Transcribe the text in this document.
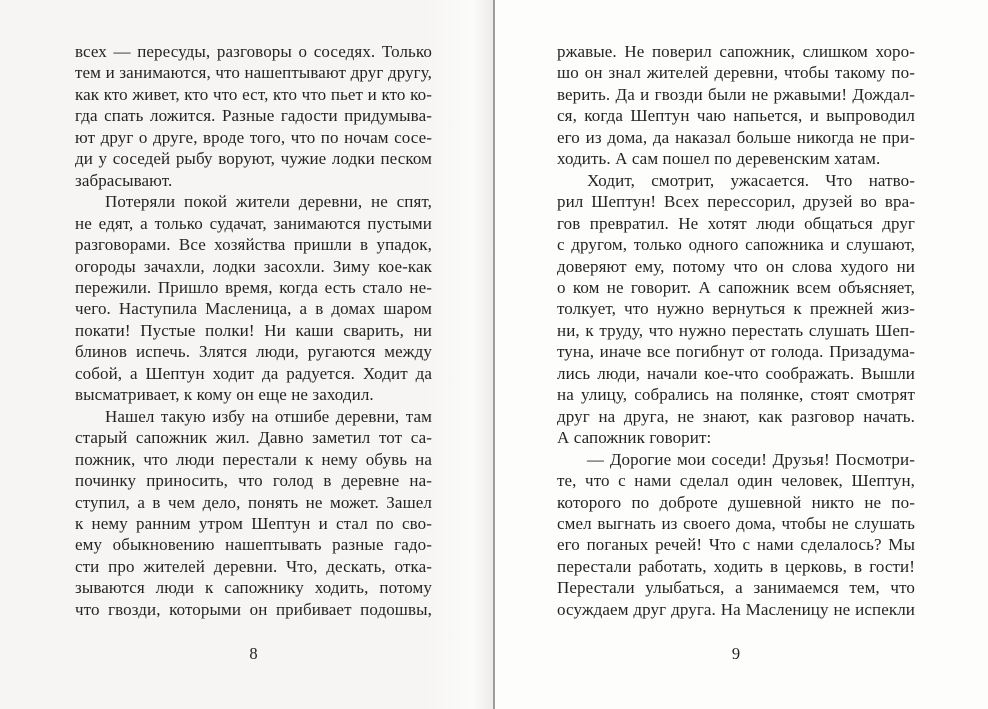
всех — пересуды, разговоры о соседях. Только
тем и занимаются, что нашептывают друг другу,
как кто живет, кто что ест, кто что пьет и кто ко-
гда спать ложится. Разные гадости придумыва-
ют друг о друге, вроде того, что по ночам сосе-
ди у соседей рыбу воруют, чужие лодки песком
забрасывают.
Потеряли покой жители деревни, не спят,
не едят, а только судачат, занимаются пустыми
разговорами. Все хозяйства пришли в упадок,
огороды зачахли, лодки засохли. Зиму кое-как
пережили. Пришло время, когда есть стало не-
чего. Наступила Масленица, а в домах шаром
покати! Пустые полки! Ни каши сварить, ни
блинов испечь. Злятся люди, ругаются между
собой, а Шептун ходит да радуется. Ходит да
высматривает, к кому он еще не заходил.
Нашел такую избу на отшибе деревни, там
старый сапожник жил. Давно заметил тот са-
пожник, что люди перестали к нему обувь на
починку приносить, что голод в деревне на-
ступил, а в чем дело, понять не может. Зашел
к нему ранним утром Шептун и стал по сво-
ему обыкновению нашептывать разные гадо-
сти про жителей деревни. Что, дескать, отка-
зываются люди к сапожнику ходить, потому
что гвозди, которыми он прибивает подошвы,
8
ржавые. Не поверил сапожник, слишком хоро-
шо он знал жителей деревни, чтобы такому по-
верить. Да и гвозди были не ржавыми! Дождал-
ся, когда Шептун чаю напьется, и выпроводил
его из дома, да наказал больше никогда не при-
ходить. А сам пошел по деревенским хатам.
Ходит, смотрит, ужасается. Что натво-
рил Шептун! Всех перессорил, друзей во вра-
гов превратил. Не хотят люди общаться друг
с другом, только одного сапожника и слушают,
доверяют ему, потому что он слова худого ни
о ком не говорит. А сапожник всем объясняет,
толкует, что нужно вернуться к прежней жиз-
ни, к труду, что нужно перестать слушать Шеп-
туна, иначе все погибнут от голода. Призадума-
лись люди, начали кое-что соображать. Вышли
на улицу, собрались на полянке, стоят смотрят
друг на друга, не знают, как разговор начать.
А сапожник говорит:
— Дорогие мои соседи! Друзья! Посмотри-
те, что с нами сделал один человек, Шептун,
которого по доброте душевной никто не по-
смел выгнать из своего дома, чтобы не слушать
его поганых речей! Что с нами сделалось? Мы
перестали работать, ходить в церковь, в гости!
Перестали улыбаться, а занимаемся тем, что
осуждаем друг друга. На Масленицу не испекли
9
